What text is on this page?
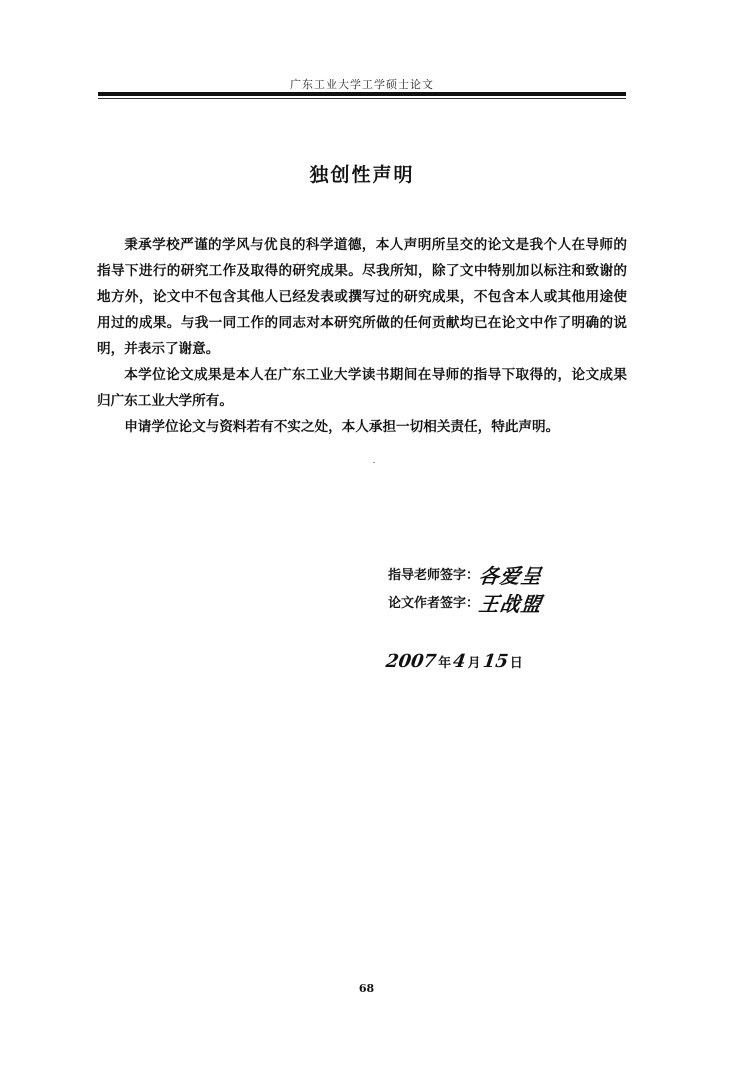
广东工业大学工学硕士论文
独创性声明

秉承学校严谨的学风与优良的科学道德，本人声明所呈交的论文是我个人在导师的指导下进行的研究工作及取得的研究成果。尽我所知，除了文中特别加以标注和致谢的地方外，论文中不包含其他人已经发表或撰写过的研究成果，不包含本人或其他用途使用过的成果。与我一同工作的同志对本研究所做的任何贡献均已在论文中作了明确的说明，并表示了谢意。

本学位论文成果是本人在广东工业大学读书期间在导师的指导下取得的，论文成果归广东工业大学所有。

申请学位论文与资料若有不实之处，本人承担一切相关责任，特此声明。

指导老师签字：各爱呈
论文作者签字：王战盟
2007年4月15日
68
